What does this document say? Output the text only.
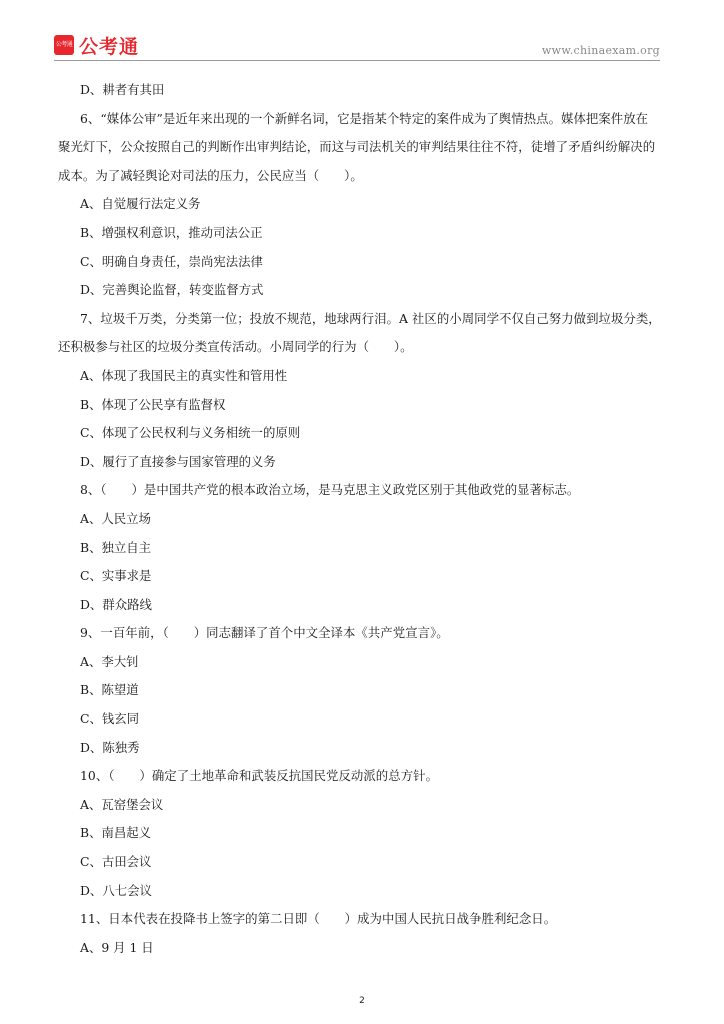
公考通 公考通	www.chinaexam.org
D、耕者有其田
6、“媒体公审”是近年来出现的一个新鲜名词，它是指某个特定的案件成为了舆情热点。媒体把案件放在
聚光灯下，公众按照自己的判断作出审判结论，而这与司法机关的审判结果往往不符，徒增了矛盾纠纷解决的
成本。为了减轻舆论对司法的压力，公民应当（　　）。
A、自觉履行法定义务
B、增强权利意识，推动司法公正
C、明确自身责任，崇尚宪法法律
D、完善舆论监督，转变监督方式
7、垃圾千万类，分类第一位；投放不规范，地球两行泪。A 社区的小周同学不仅自己努力做到垃圾分类，
还积极参与社区的垃圾分类宣传活动。小周同学的行为（　　）。
A、体现了我国民主的真实性和管用性
B、体现了公民享有监督权
C、体现了公民权利与义务相统一的原则
D、履行了直接参与国家管理的义务
8、（　　）是中国共产党的根本政治立场，是马克思主义政党区别于其他政党的显著标志。
A、人民立场
B、独立自主
C、实事求是
D、群众路线
9、一百年前，（　　）同志翻译了首个中文全译本《共产党宣言》。
A、李大钊
B、陈望道
C、钱玄同
D、陈独秀
10、（　　）确定了土地革命和武装反抗国民党反动派的总方针。
A、瓦窑堡会议
B、南昌起义
C、古田会议
D、八七会议
11、日本代表在投降书上签字的第二日即（　　）成为中国人民抗日战争胜利纪念日。
A、9 月 1 日
2
